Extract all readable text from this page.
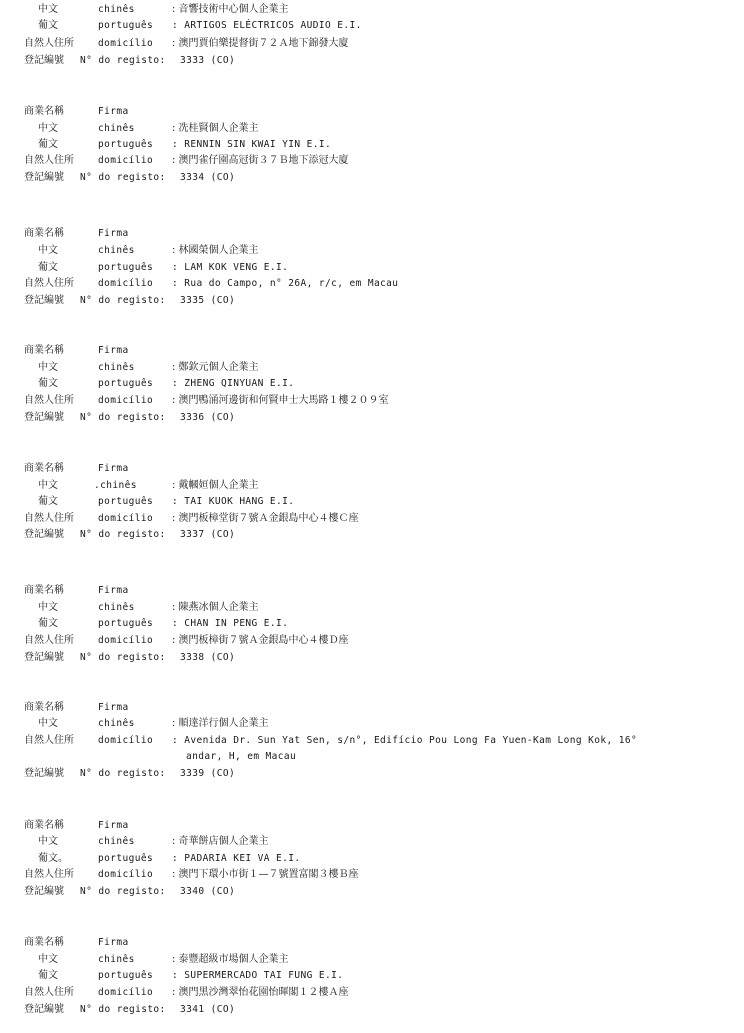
中文	chinês	: 音響技術中心個人企業主
葡文	português : ARTIGOS ELÉCTRICOS AUDIO E.I.
自然人住所	domicílio : 澳門賈伯樂提督街７２Ａ地下錦發大廈
登記編號 N° do registo: 3333 (CO)
商業名稱	Firma
中文	chinês	: 冼桂賢個人企業主
葡文	português : RENNIN SIN KWAI YIN E.I.
自然人住所	domicílio : 澳門雀仔園高冠街３７Ｂ地下添冠大廈
登記編號 N° do registo: 3334 (CO)
商業名稱	Firma
中文	chinês	: 林國榮個人企業主
葡文	português : LAM KOK VENG E.I.
自然人住所	domicílio : Rua do Campo, n° 26A, r/c, em Macau
登記編號 N° do registo: 3335 (CO)
商業名稱	Firma
中文	chinês	: 鄭欽元個人企業主
葡文	português : ZHENG QINYUAN E.I.
自然人住所	domicílio : 澳門鴨涌河邊街和何賢申士大馬路１樓２０９室
登記編號 N° do registo: 3336 (CO)
商業名稱	Firma
中文	.chinês	: 戴幗姮個人企業主
葡文	português : TAI KUOK HANG E.I.
自然人住所	domicílio : 澳門板樟堂街７號Ａ金銀島中心４樓Ｃ座
登記編號 N° do registo: 3337 (CO)
商業名稱	Firma
中文	chinês	: 陳燕冰個人企業主
葡文	português : CHAN IN PENG E.I.
自然人住所	domicílio : 澳門板樟街７號Ａ金銀島中心４樓Ｄ座
登記編號 N° do registo: 3338 (CO)
商業名稱	Firma
中文	chinês	: 順達洋行個人企業主
自然人住所	domicílio : Avenida Dr. Sun Yat Sen, s/n°, Edifício Pou Long Fa Yuen-Kam Long Kok, 16°
andar, H, em Macau
登記編號 N° do registo: 3339 (CO)
商業名稱	Firma
中文	chinês	: 奇華餅店個人企業主
葡文。	português : PADARIA KEI VA E.I.
自然人住所	domicílio : 澳門下環小市街１—７號置富閣３樓Ｂ座
登記編號 N° do registo: 3340 (CO)
商業名稱	Firma
中文	chinês	: 泰豐超級市場個人企業主
葡文	português : SUPERMERCADO TAI FUNG E.I.
自然人住所	domicílio : 澳門黑沙灣翠怡花園怡暉閣１２樓Ａ座
登記編號 N° do registo: 3341 (CO)
